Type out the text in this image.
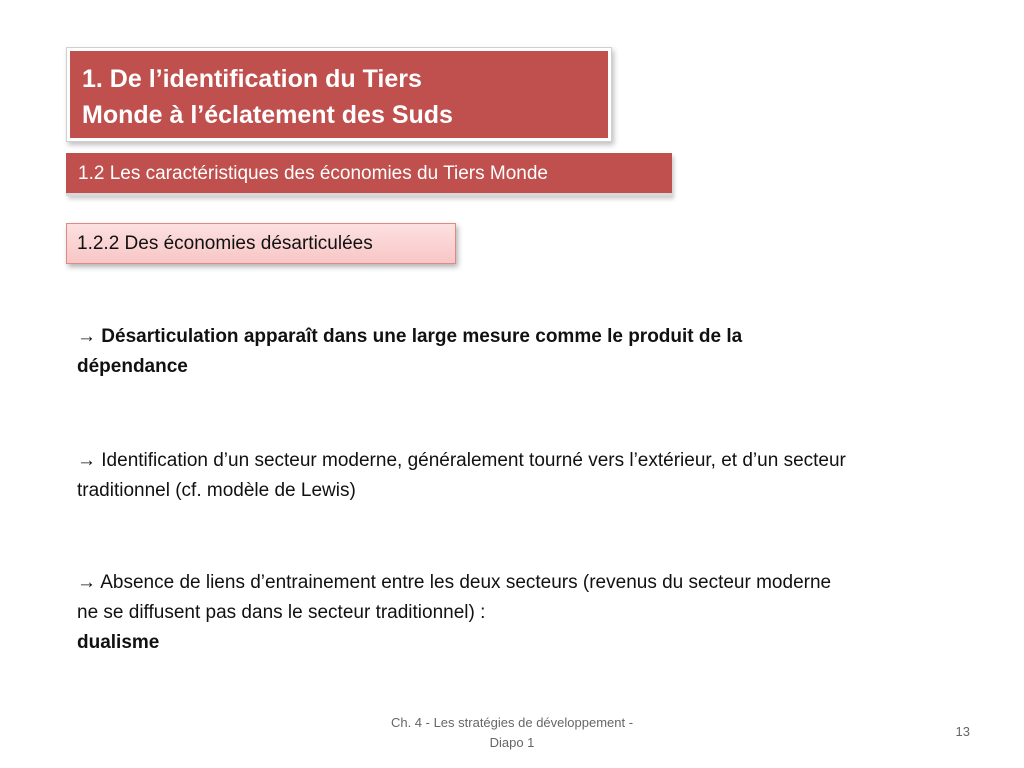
1. De l’identification du Tiers
Monde à l’éclatement des Suds
1.2 Les caractéristiques des économies du Tiers Monde
1.2.2 Des économies désarticulées
→ Désarticulation apparaît dans une large mesure comme le produit de la dépendance
→ Identification d’un secteur moderne, généralement tourné vers l’extérieur, et d’un secteur traditionnel (cf. modèle de Lewis)
→ Absence de liens d’entrainement entre les deux secteurs (revenus du secteur moderne ne se diffusent pas dans le secteur traditionnel) :
dualisme
Ch. 4 - Les stratégies de développement -
Diapo 1
13
